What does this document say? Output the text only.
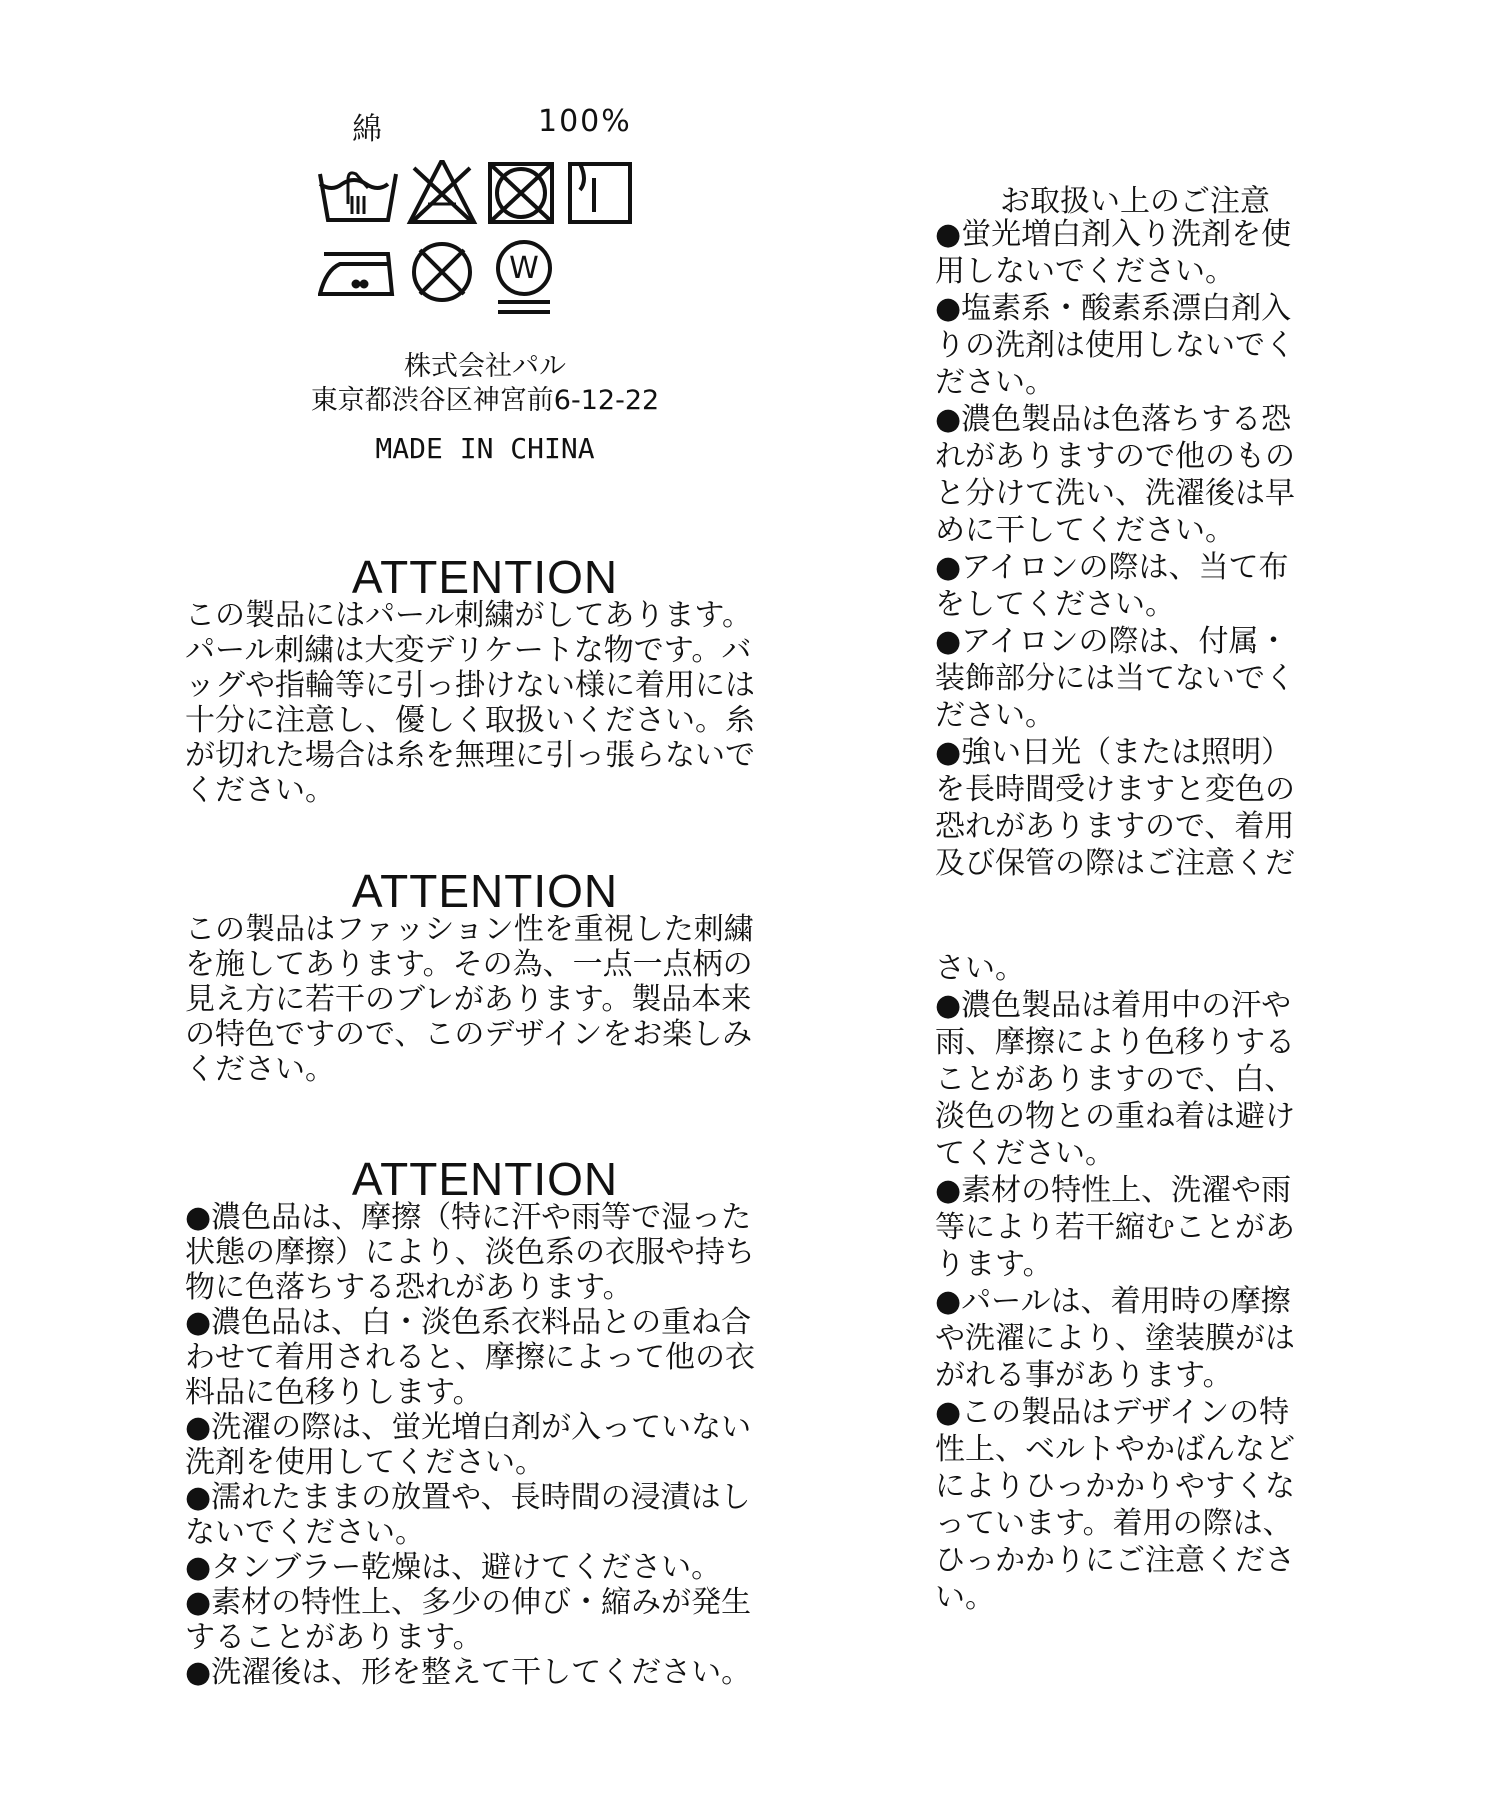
綿	100%
W
株式会社パル
東京都渋谷区神宮前6-12-22
MADE IN CHINA
ATTENTION
この製品にはパール刺繍がしてあります。
パール刺繍は大変デリケートな物です。バ
ッグや指輪等に引っ掛けない様に着用には
十分に注意し、優しく取扱いください。糸
が切れた場合は糸を無理に引っ張らないで
ください。
ATTENTION
この製品はファッション性を重視した刺繍
を施してあります。その為、一点一点柄の
見え方に若干のブレがあります。製品本来
の特色ですので、このデザインをお楽しみ
ください。
ATTENTION
●濃色品は、摩擦（特に汗や雨等で湿った
状態の摩擦）により、淡色系の衣服や持ち
物に色落ちする恐れがあります。
●濃色品は、白・淡色系衣料品との重ね合
わせて着用されると、摩擦によって他の衣
料品に色移りします。
●洗濯の際は、蛍光増白剤が入っていない
洗剤を使用してください。
●濡れたままの放置や、長時間の浸漬はし
ないでください。
●タンブラー乾燥は、避けてください。
●素材の特性上、多少の伸び・縮みが発生
することがあります。
●洗濯後は、形を整えて干してください。
お取扱い上のご注意
●蛍光増白剤入り洗剤を使
用しないでください。
●塩素系・酸素系漂白剤入
りの洗剤は使用しないでく
ださい。
●濃色製品は色落ちする恐
れがありますので他のもの
と分けて洗い、洗濯後は早
めに干してください。
●アイロンの際は、当て布
をしてください。
●アイロンの際は、付属・
装飾部分には当てないでく
ださい。
●強い日光（または照明）
を長時間受けますと変色の
恐れがありますので、着用
及び保管の際はご注意くだ
さい。
●濃色製品は着用中の汗や
雨、摩擦により色移りする
ことがありますので、白、
淡色の物との重ね着は避け
てください。
●素材の特性上、洗濯や雨
等により若干縮むことがあ
ります。
●パールは、着用時の摩擦
や洗濯により、塗装膜がは
がれる事があります。
●この製品はデザインの特
性上、ベルトやかばんなど
によりひっかかりやすくな
っています。着用の際は、
ひっかかりにご注意くださ
い。
